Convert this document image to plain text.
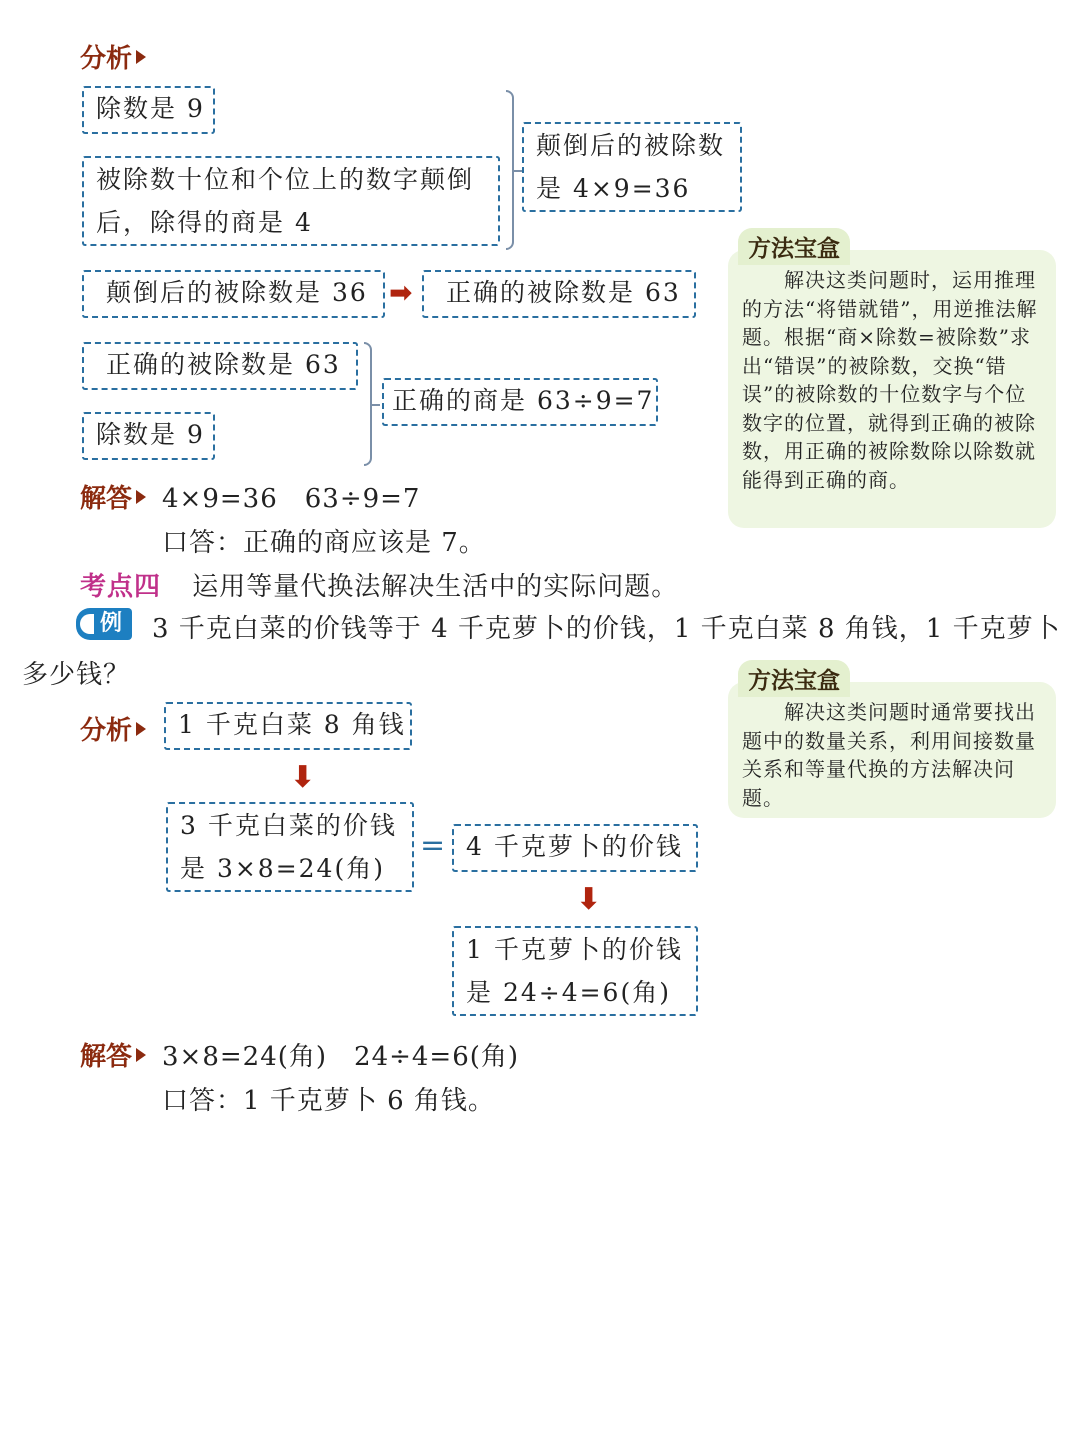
分析
除数是 9
被除数十位和个位上的数字颠倒
后，除得的商是 4
颠倒后的被除数
是 4×9=36
颠倒后的被除数是 36 ➡	正确的被除数是 63
正确的被除数是 63
除数是 9
正确的商是 63÷9=7
解答 4×9=36　63÷9=7
口答：正确的商应该是 7。
　　解决这类问题时，运用推理的方法“将错就错”，用逆推法解题。根据“商×除数=被除数”求出“错误”的被除数，交换“错误”的被除数的十位数字与个位数字的位置，就得到正确的被除数，用正确的被除数除以除数就能得到正确的商。
方法宝盒
考点四 运用等量代换法解决生活中的实际问题。
例	3 千克白菜的价钱等于 4 千克萝卜的价钱，1 千克白菜 8 角钱，1 千克萝卜
多少钱？
　　解决这类问题时通常要找出题中的数量关系，利用间接数量关系和等量代换的方法解决问题。
方法宝盒
分析	1 千克白菜 8 角钱
⬇
3 千克白菜的价钱
是 3×8=24(角)
= 4 千克萝卜的价钱
⬇
1 千克萝卜的价钱
是 24÷4=6(角)
解答 3×8=24(角)　24÷4=6(角)
口答：1 千克萝卜 6 角钱。
